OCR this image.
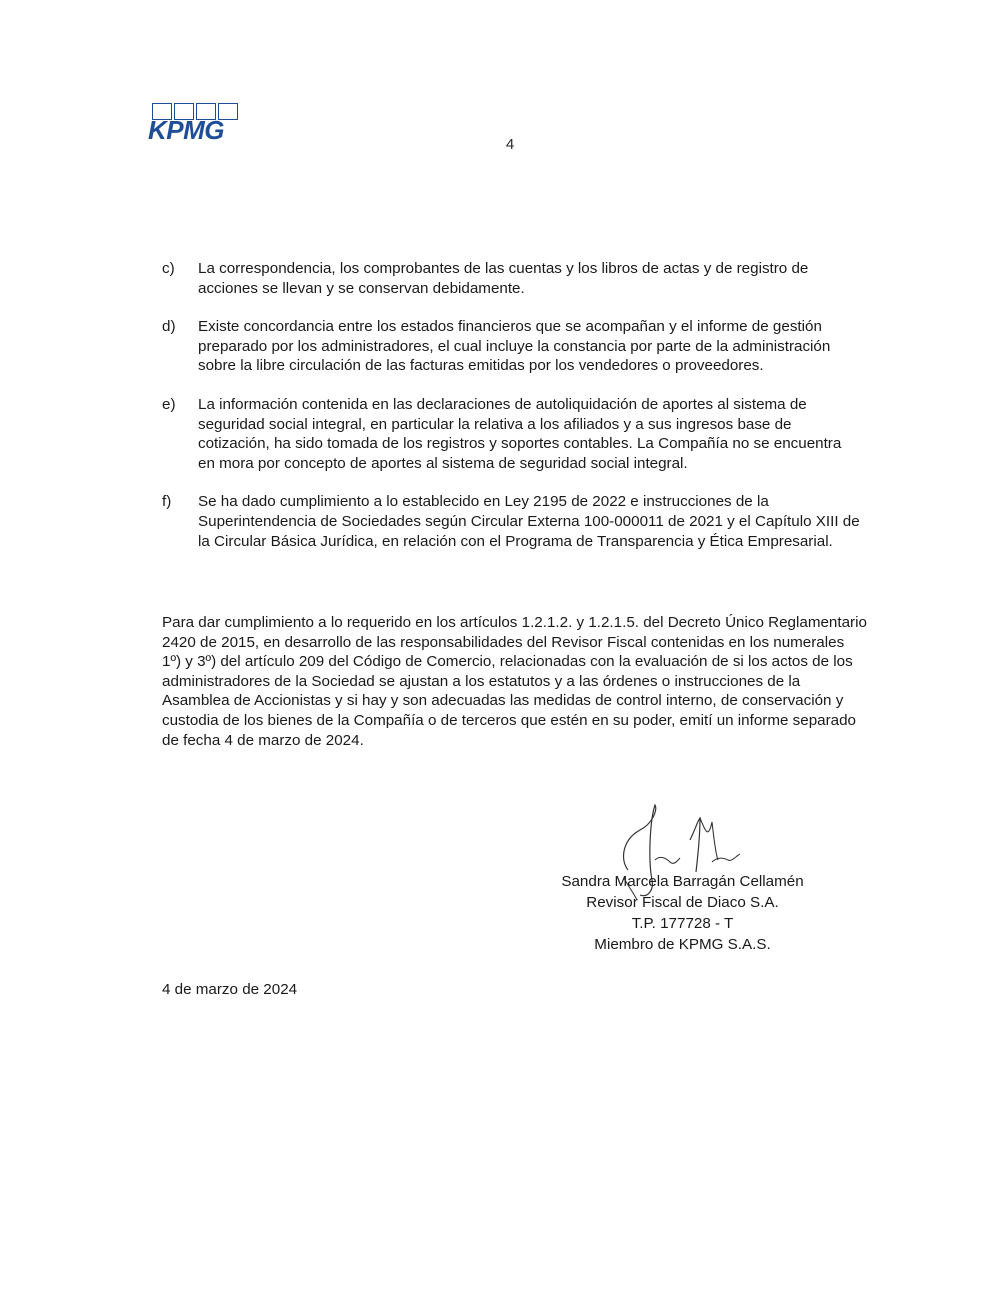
KPMG	4
c)	La correspondencia, los comprobantes de las cuentas y los libros de actas y de registro de acciones se llevan y se conservan debidamente.
d)	Existe concordancia entre los estados financieros que se acompañan y el informe de gestión preparado por los administradores, el cual incluye la constancia por parte de la administración sobre la libre circulación de las facturas emitidas por los vendedores o proveedores.
e)	La información contenida en las declaraciones de autoliquidación de aportes al sistema de seguridad social integral, en particular la relativa a los afiliados y a sus ingresos base de cotización, ha sido tomada de los registros y soportes contables. La Compañía no se encuentra en mora por concepto de aportes al sistema de seguridad social integral.
f)	Se ha dado cumplimiento a lo establecido en Ley 2195 de 2022 e instrucciones de la Superintendencia de Sociedades según Circular Externa 100-000011 de 2021 y el Capítulo XIII de la Circular Básica Jurídica, en relación con el Programa de Transparencia y Ética Empresarial.

Para dar cumplimiento a lo requerido en los artículos 1.2.1.2. y 1.2.1.5. del Decreto Único Reglamentario 2420 de 2015, en desarrollo de las responsabilidades del Revisor Fiscal contenidas en los numerales 1º) y 3º) del artículo 209 del Código de Comercio, relacionadas con la evaluación de si los actos de los administradores de la Sociedad se ajustan a los estatutos y a las órdenes o instrucciones de la Asamblea de Accionistas y si hay y son adecuadas las medidas de control interno, de conservación y custodia de los bienes de la Compañía o de terceros que estén en su poder, emití un informe separado de fecha 4 de marzo de 2024.

Sandra Marcela Barragán Cellamén
Revisor Fiscal de Diaco S.A.
T.P. 177728 - T
Miembro de KPMG S.A.S.
4 de marzo de 2024
